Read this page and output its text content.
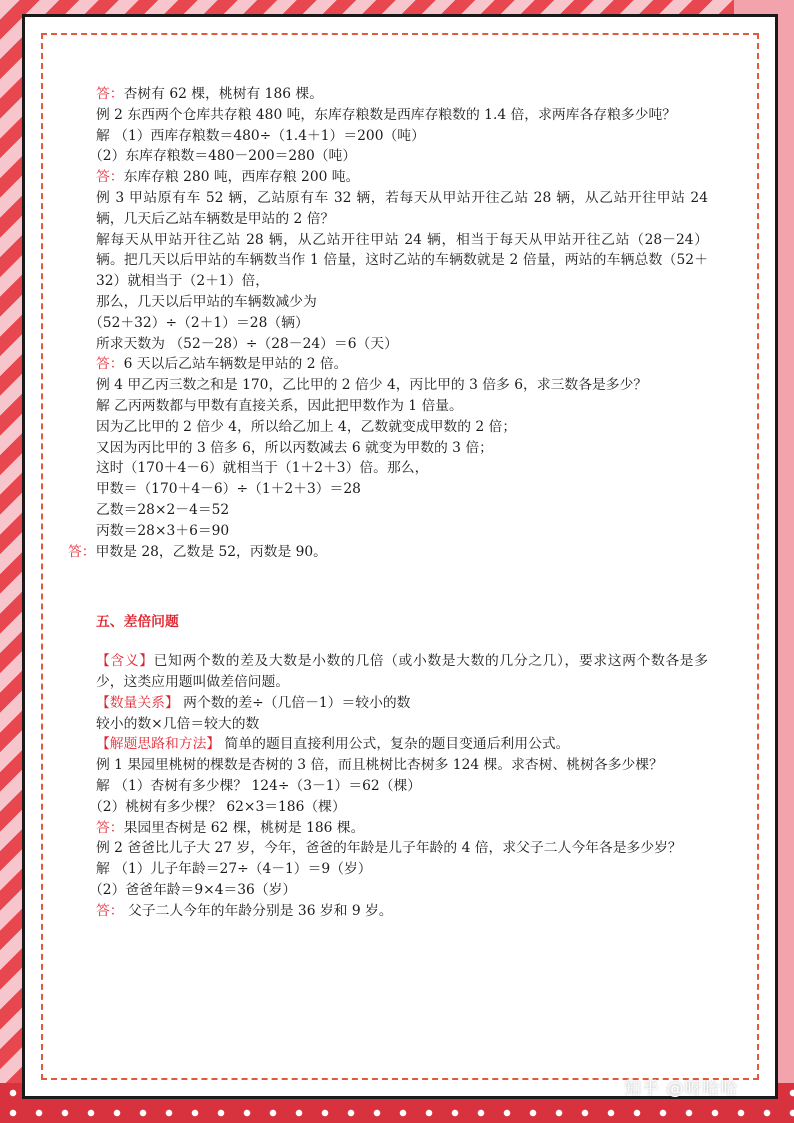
答：杏树有 62 棵，桃树有 186 棵。

例 2 东西两个仓库共存粮 480 吨，东库存粮数是西库存粮数的 1.4 倍，求两库各存粮多少吨？

解 （1）西库存粮数＝480÷（1.4＋1）＝200（吨）

（2）东库存粮数＝480－200＝280（吨）

答：东库存粮 280 吨，西库存粮 200 吨。

例 3 甲站原有车 52 辆，乙站原有车 32 辆，若每天从甲站开往乙站 28 辆，从乙站开往甲站 24 辆，几天后乙站车辆数是甲站的 2 倍？

解每天从甲站开往乙站 28 辆，从乙站开往甲站 24 辆，相当于每天从甲站开往乙站（28－24）辆。把几天以后甲站的车辆数当作 1 倍量，这时乙站的车辆数就是 2 倍量，两站的车辆总数（52＋32）就相当于（2＋1）倍，

那么，几天以后甲站的车辆数减少为

（52＋32）÷（2＋1）＝28（辆）

所求天数为 （52－28）÷（28－24）＝6（天）

答：6 天以后乙站车辆数是甲站的 2 倍。

例 4 甲乙丙三数之和是 170，乙比甲的 2 倍少 4，丙比甲的 3 倍多 6，求三数各是多少？

解 乙丙两数都与甲数有直接关系，因此把甲数作为 1 倍量。

因为乙比甲的 2 倍少 4，所以给乙加上 4，乙数就变成甲数的 2 倍；

又因为丙比甲的 3 倍多 6，所以丙数减去 6 就变为甲数的 3 倍；

这时（170＋4－6）就相当于（1＋2＋3）倍。那么，

甲数＝（170＋4－6）÷（1＋2＋3）＝28

乙数＝28×2－4＝52

丙数＝28×3＋6＝90

答：甲数是 28，乙数是 52，丙数是 90。

五、差倍问题

【含义】已知两个数的差及大数是小数的几倍（或小数是大数的几分之几），要求这两个数各是多少，这类应用题叫做差倍问题。

【数量关系】 两个数的差÷（几倍－1）＝较小的数

较小的数×几倍＝较大的数

【解题思路和方法】 简单的题目直接利用公式，复杂的题目变通后利用公式。

例 1 果园里桃树的棵数是杏树的 3 倍，而且桃树比杏树多 124 棵。求杏树、桃树各多少棵？

解 （1）杏树有多少棵？ 124÷（3－1）＝62（棵）

（2）桃树有多少棵？ 62×3＝186（棵）

答：果园里杏树是 62 棵，桃树是 186 棵。

例 2 爸爸比儿子大 27 岁，今年，爸爸的年龄是儿子年龄的 4 倍，求父子二人今年各是多少岁？

解 （1）儿子年龄＝27÷（4－1）＝9（岁）

（2）爸爸年龄＝9×4＝36（岁）

答： 父子二人今年的年龄分别是 36 岁和 9 岁。

知乎 @呀哈哈
